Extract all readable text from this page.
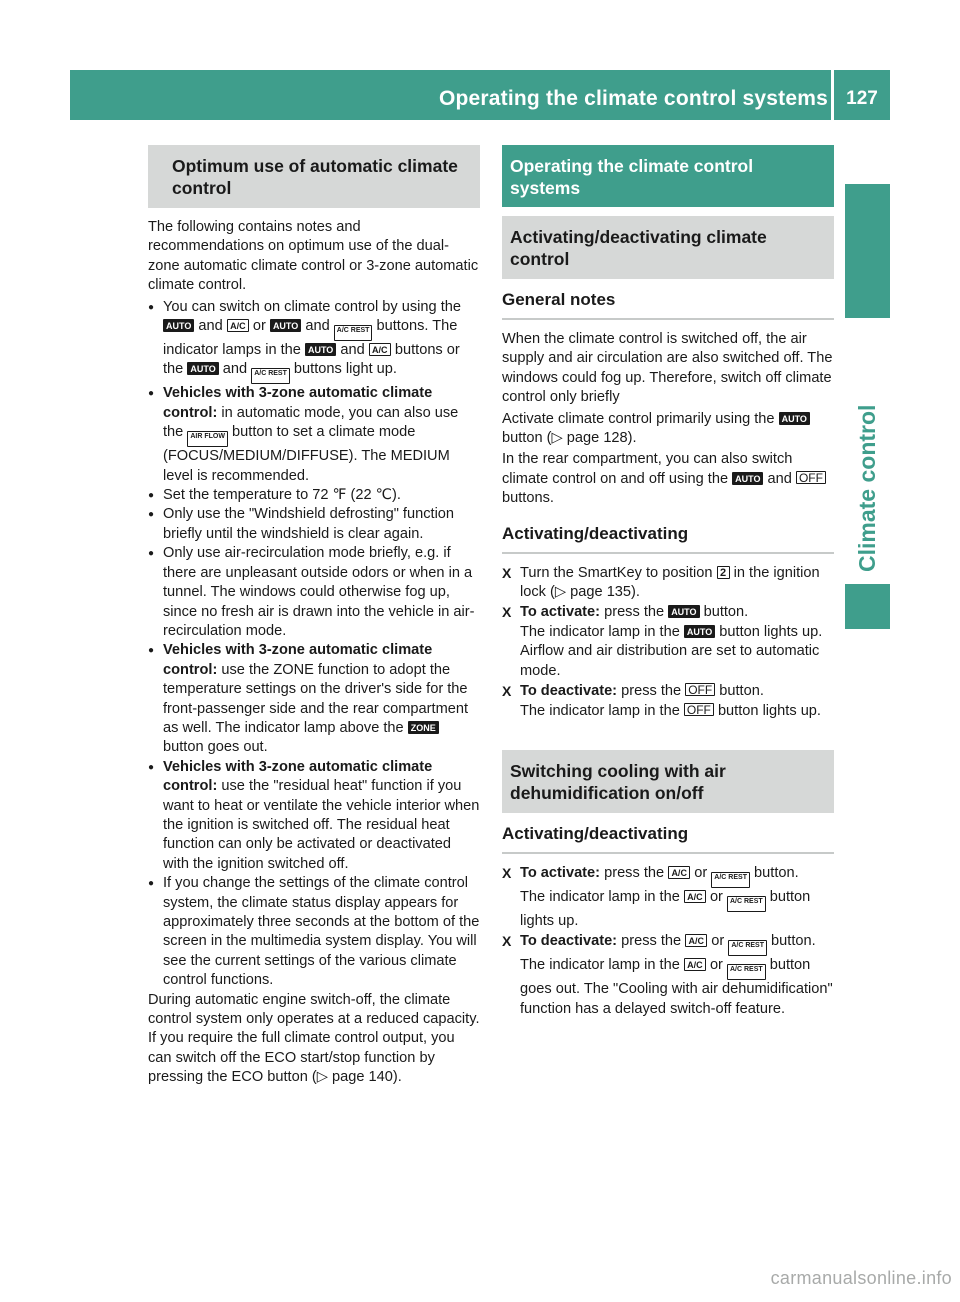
Operating the climate control systems 127
Climate control
Optimum use of automatic climate control

The following contains notes and recommendations on optimum use of the dual-zone automatic climate control or 3-zone automatic climate control.

● You can switch on climate control by using the AUTO and A/C or AUTO and A/C REST buttons. The indicator lamps in the AUTO and A/C buttons or the AUTO and A/C REST buttons light up.
● Vehicles with 3-zone automatic climate control: in automatic mode, you can also use the AIR FLOW button to set a climate mode (FOCUS/MEDIUM/DIFFUSE). The MEDIUM level is recommended.
● Set the temperature to 72 ℉ (22 ℃).
● Only use the "Windshield defrosting" function briefly until the windshield is clear again.
● Only use air-recirculation mode briefly, e.g. if there are unpleasant outside odors or when in a tunnel. The windows could otherwise fog up, since no fresh air is drawn into the vehicle in air-recirculation mode.
● Vehicles with 3-zone automatic climate control: use the ZONE function to adopt the temperature settings on the driver's side for the front-passenger side and the rear compartment as well. The indicator lamp above the ZONE button goes out.
● Vehicles with 3-zone automatic climate control: use the "residual heat" function if you want to heat or ventilate the vehicle interior when the ignition is switched off. The residual heat function can only be activated or deactivated with the ignition switched off.
● If you change the settings of the climate control system, the climate status display appears for approximately three seconds at the bottom of the screen in the multimedia system display. You will see the current settings of the various climate control functions.

During automatic engine switch-off, the climate control system only operates at a reduced capacity. If you require the full climate control output, you can switch off the ECO start/stop function by pressing the ECO button (▷ page 140).

Operating the climate control systems
Activating/deactivating climate control
General notes

When the climate control is switched off, the air supply and air circulation are also switched off. The windows could fog up. Therefore, switch off climate control only briefly

Activate climate control primarily using the AUTO button (▷ page 128).

In the rear compartment, you can also switch climate control on and off using the AUTO and OFF buttons.

Activating/deactivating
X Turn the SmartKey to position 2 in the ignition lock (▷ page 135).
X To activate: press the AUTO button.
The indicator lamp in the AUTO button lights up. Airflow and air distribution are set to automatic mode.
X To deactivate: press the OFF button.
The indicator lamp in the OFF button lights up.
Switching cooling with air dehumidification on/off
Activating/deactivating
X To activate: press the A/C or A/C REST button.
The indicator lamp in the A/C or A/C REST button lights up.
X To deactivate: press the A/C or A/C REST button.
The indicator lamp in the A/C or A/C REST button goes out. The "Cooling with air dehumidification" function has a delayed switch-off feature.
carmanualsonline.info
